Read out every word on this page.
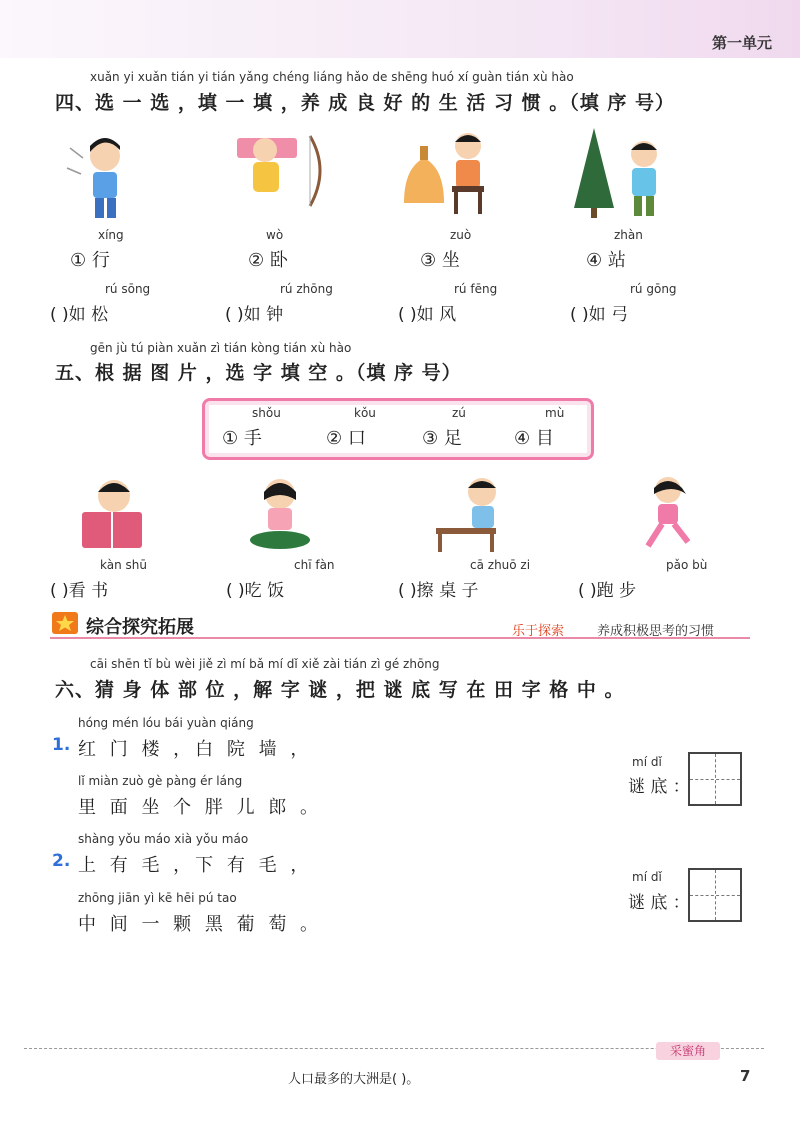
第一单元
xuǎn yi xuǎn tián yi tián yǎng chéng liáng hǎo de shēng huó xí guàn tián xù hào
四、选 一 选 ，填 一 填 ，养 成 良 好 的 生 活 习 惯 。（填 序 号）
xíng
① 行
wò
② 卧
zuò
③ 坐
zhàn
④ 站
rú sōng
( )如 松
rú zhōng
( )如 钟
rú fēng
( )如 风
rú gōng
( )如 弓
gēn jù tú piàn xuǎn zì tián kòng tián xù hào
五、根 据 图 片 ，选 字 填 空 。（填 序 号）
shǒu
① 手
kǒu
② 口
zú
③ 足
mù
④ 目
kàn shū
( )看 书
chī fàn
( )吃 饭
cā zhuō zi
( )擦 桌 子
pǎo bù
( )跑 步
综合探究拓展	乐于探索	养成积极思考的习惯
cāi shēn tǐ bù wèi jiě zì mí bǎ mí dǐ xiě zài tián zì gé zhōng
六、猜 身 体 部 位 ，解 字 谜 ，把 谜 底 写 在 田 字 格 中 。
hóng mén lóu bái yuàn qiáng
1. 红 门 楼 ，白 院 墙 ，
lǐ miàn zuò gè pàng ér láng
里 面 坐 个 胖 儿 郎 。
mí dǐ
谜 底 ：
shàng yǒu máo xià yǒu máo
2. 上 有 毛 ，下 有 毛 ，
zhōng jiān yì kē hēi pú tao
中 间 一 颗 黑 葡 萄 。
mí dǐ
谜 底 ：
采蜜角
人口最多的大洲是( )。	7
